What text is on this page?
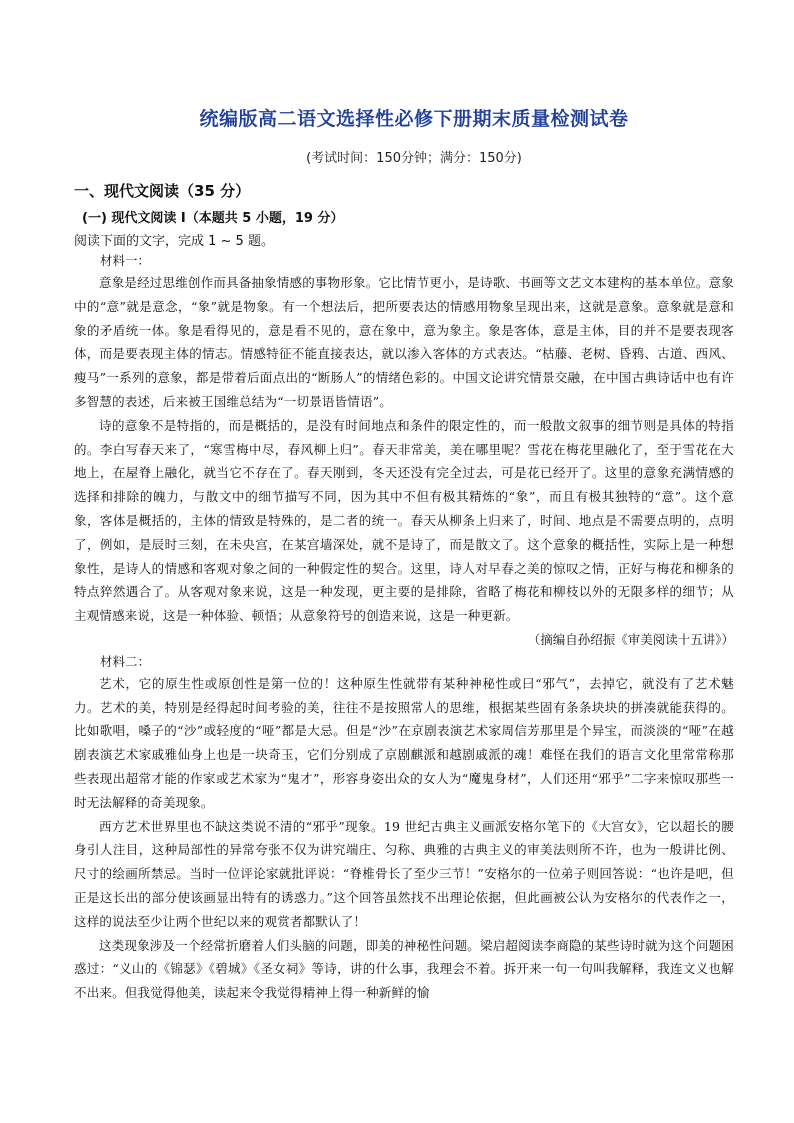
统编版高二语文选择性必修下册期末质量检测试卷
(考试时间：150分钟；满分：150分)
一、现代文阅读（35 分）
(一) 现代文阅读 I（本题共 5 小题，19 分）
阅读下面的文字，完成 1 ~ 5 题。
材料一：

意象是经过思维创作而具备抽象情感的事物形象。它比情节更小，是诗歌、书画等文艺文本建构的基本单位。意象中的“意”就是意念，“象”就是物象。有一个想法后，把所要表达的情感用物象呈现出来，这就是意象。意象就是意和象的矛盾统一体。象是看得见的，意是看不见的，意在象中，意为象主。象是客体，意是主体，目的并不是要表现客体，而是要表现主体的情志。情感特征不能直接表达，就以渗入客体的方式表达。“枯藤、老树、昏鸦、古道、西风、瘦马”一系列的意象，都是带着后面点出的“断肠人”的情绪色彩的。中国文论讲究情景交融，在中国古典诗话中也有许多智慧的表述，后来被王国维总结为“一切景语皆情语”。

诗的意象不是特指的，而是概括的，是没有时间地点和条件的限定性的，而一般散文叙事的细节则是具体的特指的。李白写春天来了，“寒雪梅中尽，春风柳上归”。春天非常美，美在哪里呢？雪花在梅花里融化了，至于雪花在大地上，在屋脊上融化，就当它不存在了。春天刚到，冬天还没有完全过去，可是花已经开了。这里的意象充满情感的选择和排除的魄力，与散文中的细节描写不同，因为其中不但有极其精炼的“象”，而且有极其独特的“意”。这个意象，客体是概括的，主体的情致是特殊的，是二者的统一。春天从柳条上归来了，时间、地点是不需要点明的，点明了，例如，是辰时三刻，在未央宫，在某宫墙深处，就不是诗了，而是散文了。这个意象的概括性，实际上是一种想象性，是诗人的情感和客观对象之间的一种假定性的契合。这里，诗人对早春之美的惊叹之情，正好与梅花和柳条的特点猝然遇合了。从客观对象来说，这是一种发现，更主要的是排除，省略了梅花和柳枝以外的无限多样的细节；从主观情感来说，这是一种体验、顿悟；从意象符号的创造来说，这是一种更新。

（摘编自孙绍振《审美阅读十五讲》）
材料二：

艺术，它的原生性或原创性是第一位的！这种原生性就带有某种神秘性或曰“邪气”，去掉它，就没有了艺术魅力。艺术的美，特别是经得起时间考验的美，往往不是按照常人的思维，根据某些固有条条块块的拼凑就能获得的。比如歌唱，嗓子的“沙”或轻度的“哑”都是大忌。但是“沙”在京剧表演艺术家周信芳那里是个异宝，而淡淡的“哑”在越剧表演艺术家戚雅仙身上也是一块奇玉，它们分别成了京剧麒派和越剧戚派的魂！难怪在我们的语言文化里常常称那些表现出超常才能的作家或艺术家为“鬼才”，形容身姿出众的女人为“魔鬼身材”，人们还用“邪乎”二字来惊叹那些一时无法解释的奇美现象。

西方艺术世界里也不缺这类说不清的“邪乎”现象。19 世纪古典主义画派安格尔笔下的《大宫女》，它以超长的腰身引人注目，这种局部性的异常夸张不仅为讲究端庄、匀称、典雅的古典主义的审美法则所不许，也为一般讲比例、尺寸的绘画所禁忌。当时一位评论家就批评说：“脊椎骨长了至少三节！”安格尔的一位弟子则回答说：“也许是吧，但正是这长出的部分使该画显出特有的诱惑力。”这个回答虽然找不出理论依据，但此画被公认为安格尔的代表作之一，这样的说法至少让两个世纪以来的观赏者都默认了！

这类现象涉及一个经常折磨着人们头脑的问题，即美的神秘性问题。梁启超阅读李商隐的某些诗时就为这个问题困惑过：“义山的《锦瑟》《碧城》《圣女祠》等诗，讲的什么事，我理会不着。拆开来一句一句叫我解释，我连文义也解不出来。但我觉得他美，读起来令我觉得精神上得一种新鲜的愉
